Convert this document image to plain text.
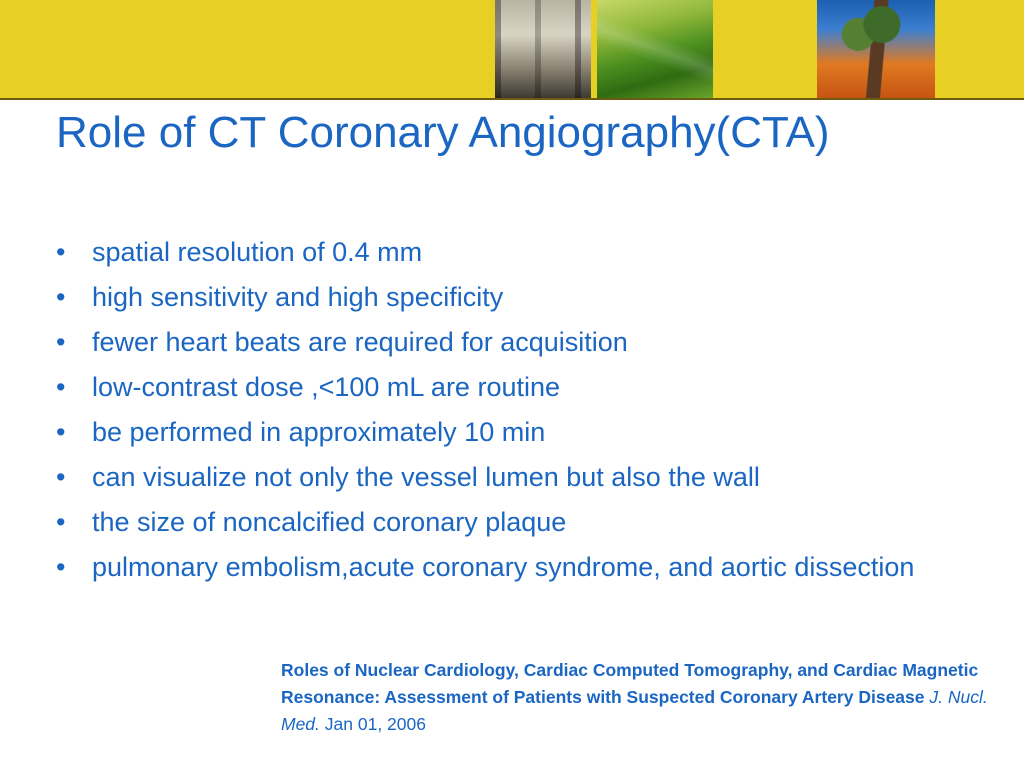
Role of CT Coronary Angiography(CTA)
• spatial resolution of 0.4 mm
• high sensitivity and high specificity
• fewer heart beats are required for acquisition
• low-contrast dose ,<100 mL are routine
• be performed in approximately 10 min
• can visualize not only the vessel lumen but also the wall
• the size of noncalcified coronary plaque
• pulmonary embolism,acute coronary syndrome, and aortic dissection
Roles of Nuclear Cardiology, Cardiac Computed Tomography, and Cardiac Magnetic Resonance: Assessment of Patients with Suspected Coronary Artery Disease J. Nucl. Med. Jan 01, 2006
